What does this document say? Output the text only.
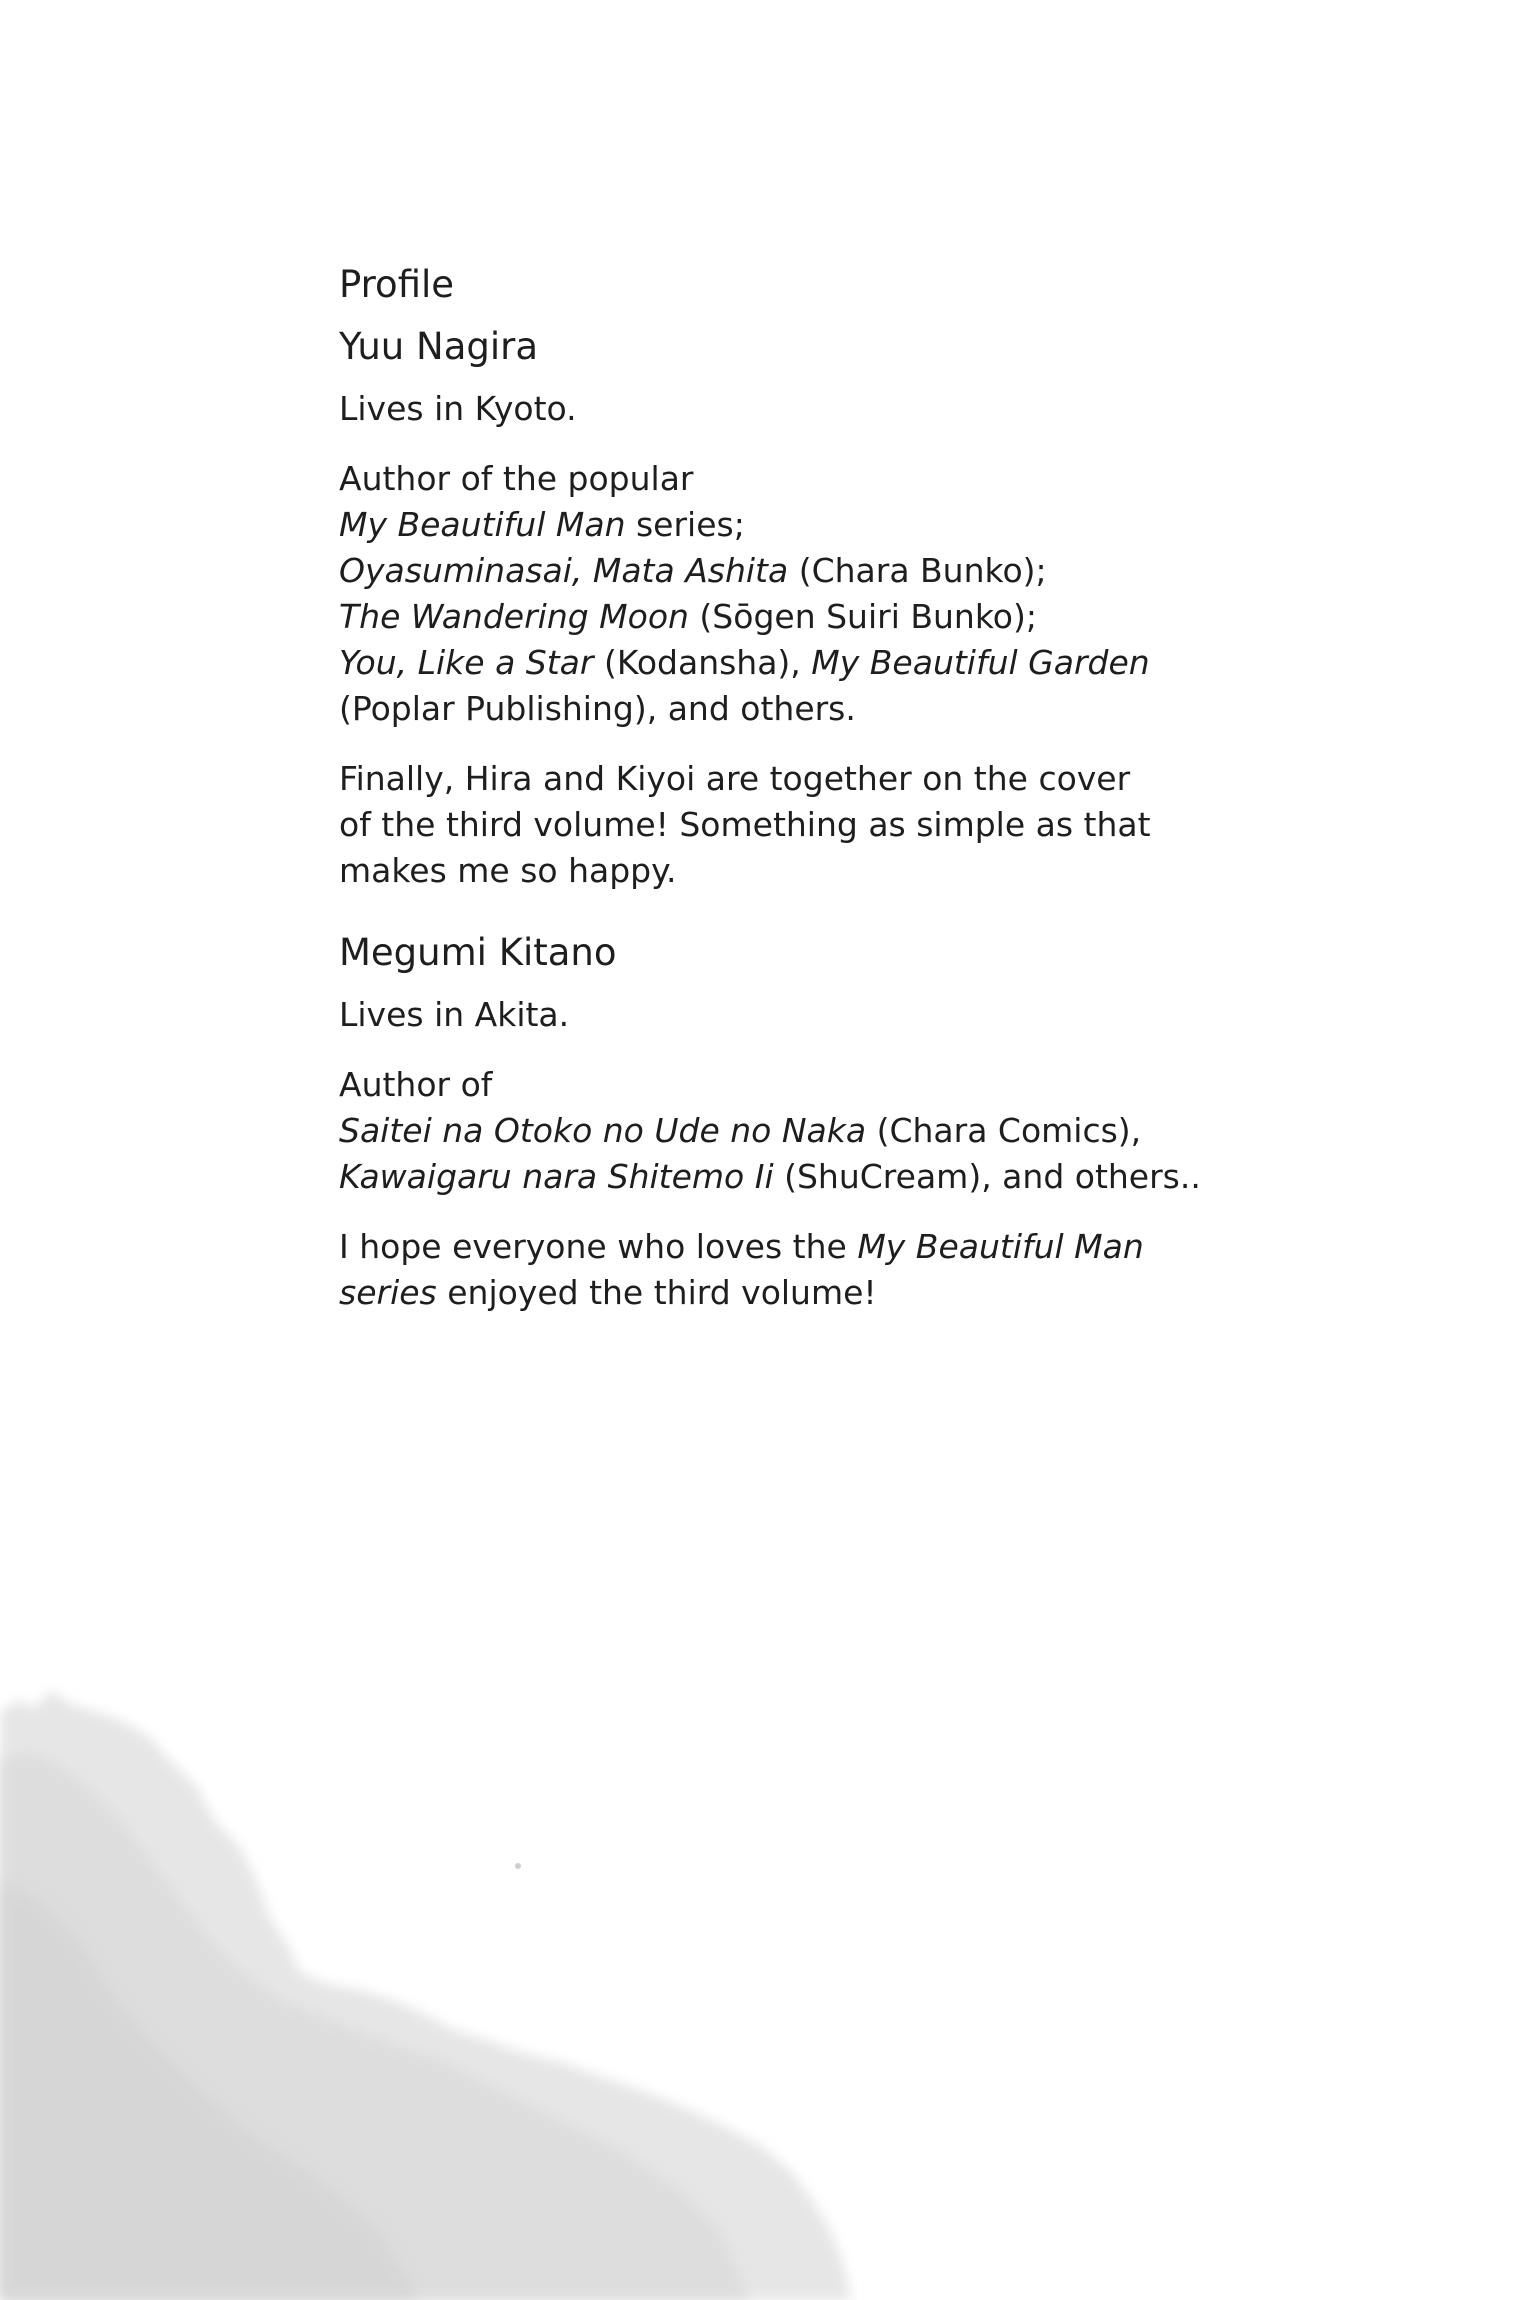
Profile

Yuu Nagira

Lives in Kyoto.

Author of the popular

My Beautiful Man series;

Oyasuminasai, Mata Ashita (Chara Bunko);

The Wandering Moon (Sōgen Suiri Bunko);

You, Like a Star (Kodansha), My Beautiful Garden

(Poplar Publishing), and others.

Finally, Hira and Kiyoi are together on the cover

of the third volume! Something as simple as that

makes me so happy.

Megumi Kitano

Lives in Akita.

Author of

Saitei na Otoko no Ude no Naka (Chara Comics),

Kawaigaru nara Shitemo Ii (ShuCream), and others..

I hope everyone who loves the My Beautiful Man

series enjoyed the third volume!
